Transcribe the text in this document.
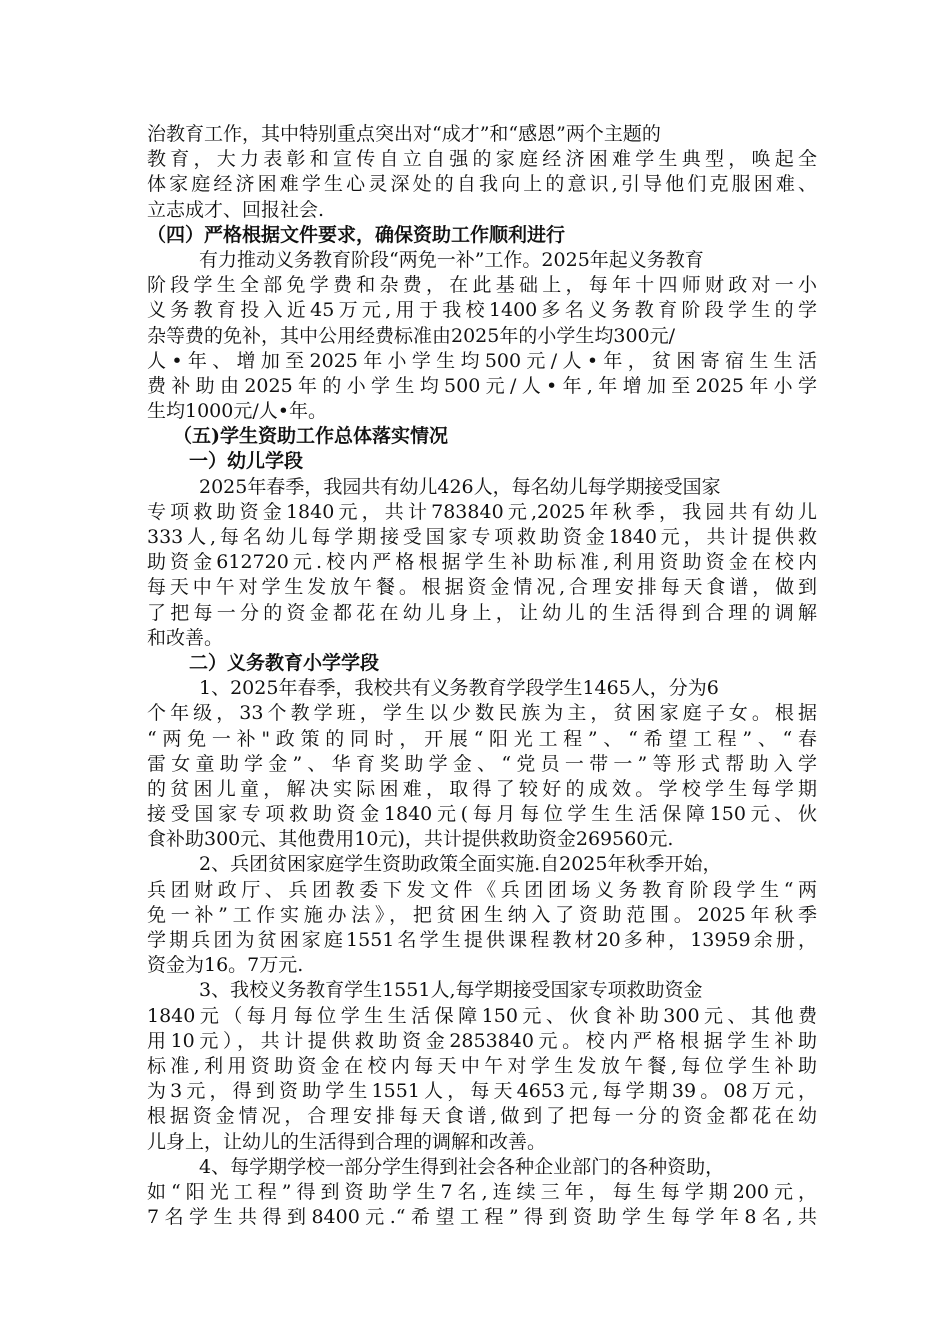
治教育工作，其中特别重点突出对“成才”和“感恩”两个主题的
教育，大力表彰和宣传自立自强的家庭经济困难学生典型，唤起全
体家庭经济困难学生心灵深处的自我向上的意识,引导他们克服困难、
立志成才、回报社会.
（四）严格根据文件要求，确保资助工作顺利进行
有力推动义务教育阶段“两免一补”工作。2025年起义务教育
阶段学生全部免学费和杂费，在此基础上，每年十四师财政对一小
义务教育投入近45万元,用于我校1400多名义务教育阶段学生的学
杂等费的免补，其中公用经费标准由2025年的小学生均300元/
人•年、增加至2025年小学生均500元/人•年，贫困寄宿生生活
费补助由2025年的小学生均500元/人•年,年增加至2025年小学
生均1000元/人•年。
（五)学生资助工作总体落实情况
一）幼儿学段
2025年春季，我园共有幼儿426人，每名幼儿每学期接受国家
专项救助资金1840元，共计783840元,2025年秋季，我园共有幼儿
333人,每名幼儿每学期接受国家专项救助资金1840元，共计提供救
助资金612720元.校内严格根据学生补助标准,利用资助资金在校内
每天中午对学生发放午餐。根据资金情况,合理安排每天食谱，做到
了把每一分的资金都花在幼儿身上，让幼儿的生活得到合理的调解
和改善。
二）义务教育小学学段
1、2025年春季，我校共有义务教育学段学生1465人，分为6
个年级，33个教学班，学生以少数民族为主，贫困家庭子女。根据
“两免一补"政策的同时，开展“阳光工程”、“希望工程”、“春
雷女童助学金”、华育奖助学金、“党员一带一”等形式帮助入学
的贫困儿童，解决实际困难，取得了较好的成效。学校学生每学期
接受国家专项救助资金1840元(每月每位学生生活保障150元、伙
食补助300元、其他费用10元)，共计提供救助资金269560元.
2、兵团贫困家庭学生资助政策全面实施.自2025年秋季开始，
兵团财政厅、兵团教委下发文件《兵团团场义务教育阶段学生“两
免一补”工作实施办法》，把贫困生纳入了资助范围。2025年秋季
学期兵团为贫困家庭1551名学生提供课程教材20多种，13959余册，
资金为16。7万元.
3、我校义务教育学生1551人,每学期接受国家专项救助资金
1840元（每月每位学生生活保障150元、伙食补助300元、其他费
用10元），共计提供救助资金2853840元。校内严格根据学生补助
标准,利用资助资金在校内每天中午对学生发放午餐,每位学生补助
为3元，得到资助学生1551人，每天4653元,每学期39。08万元，
根据资金情况，合理安排每天食谱,做到了把每一分的资金都花在幼
儿身上，让幼儿的生活得到合理的调解和改善。
4、每学期学校一部分学生得到社会各种企业部门的各种资助，
如“阳光工程”得到资助学生7名,连续三年，每生每学期200元，
7名学生共得到8400元.“希望工程”得到资助学生每学年8名,共
